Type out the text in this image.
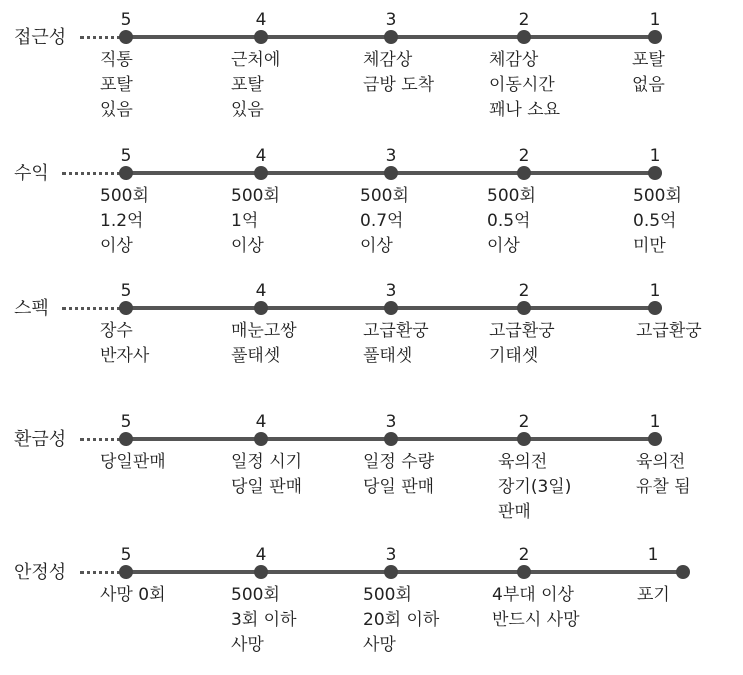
접근성
5
직통
포탈
있음
4
근처에
포탈
있음
3
체감상
금방 도착
2
체감상
이동시간
꽤나 소요
1
포탈
없음
수익
5
500회
1.2억
이상
4
500회
1억
이상
3
500회
0.7억
이상
2
500회
0.5억
이상
1
500회
0.5억
미만
스펙
5
장수
반자사
4
매눈고쌍
풀태셋
3
고급환궁
풀태셋
2
고급환궁
기태셋
1
고급환궁
환금성
5
당일판매
4
일정 시기
당일 판매
3
일정 수량
당일 판매
2
육의전
장기(3일)
판매
1
육의전
유찰 됨
안정성
5
사망 0회
4
500회
3회 이하
사망
3
500회
20회 이하
사망
2
4부대 이상
반드시 사망
1
포기
